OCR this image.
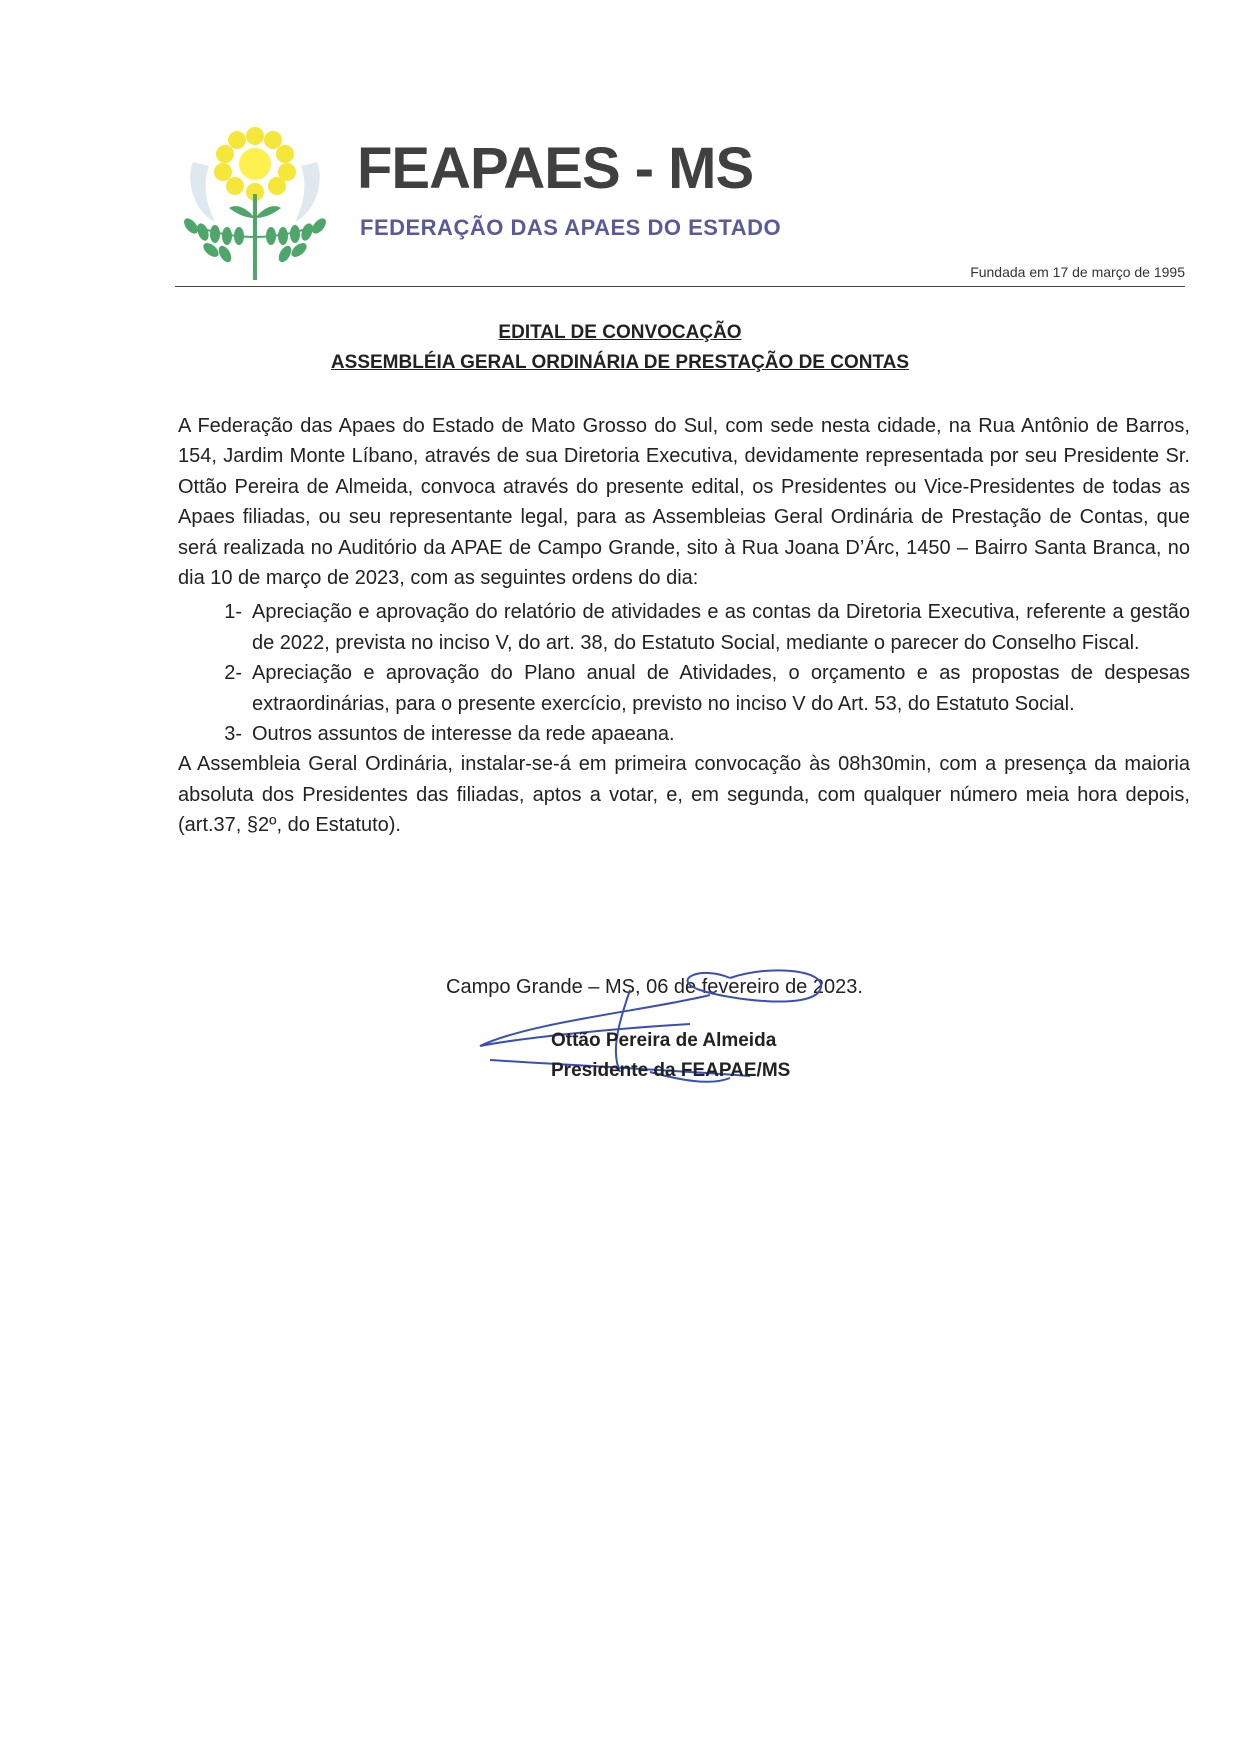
FEAPAES - MS
FEDERAÇÃO DAS APAES DO ESTADO
Fundada em 17 de março de 1995
EDITAL DE CONVOCAÇÃO
ASSEMBLÉIA GERAL ORDINÁRIA DE PRESTAÇÃO DE CONTAS

A Federação das Apaes do Estado de Mato Grosso do Sul, com sede nesta cidade, na Rua Antônio de Barros, 154, Jardim Monte Líbano, através de sua Diretoria Executiva, devidamente representada por seu Presidente Sr. Ottão Pereira de Almeida, convoca através do presente edital, os Presidentes ou Vice-Presidentes de todas as Apaes filiadas, ou seu representante legal, para as Assembleias Geral Ordinária de Prestação de Contas, que será realizada no Auditório da APAE de Campo Grande, sito à Rua Joana D’Árc, 1450 – Bairro Santa Branca, no dia 10 de março de 2023, com as seguintes ordens do dia:

1- Apreciação e aprovação do relatório de atividades e as contas da Diretoria Executiva, referente a gestão de 2022, prevista no inciso V, do art. 38, do Estatuto Social, mediante o parecer do Conselho Fiscal.
2- Apreciação e aprovação do Plano anual de Atividades, o orçamento e as propostas de despesas extraordinárias, para o presente exercício, previsto no inciso V do Art. 53, do Estatuto Social.
3- Outros assuntos de interesse da rede apaeana.

A Assembleia Geral Ordinária, instalar-se-á em primeira convocação às 08h30min, com a presença da maioria absoluta dos Presidentes das filiadas, aptos a votar, e, em segunda, com qualquer número meia hora depois, (art.37, §2º, do Estatuto).

Campo Grande – MS, 06 de fevereiro de 2023.
Ottão Pereira de Almeida
Presidente da FEAPAE/MS
